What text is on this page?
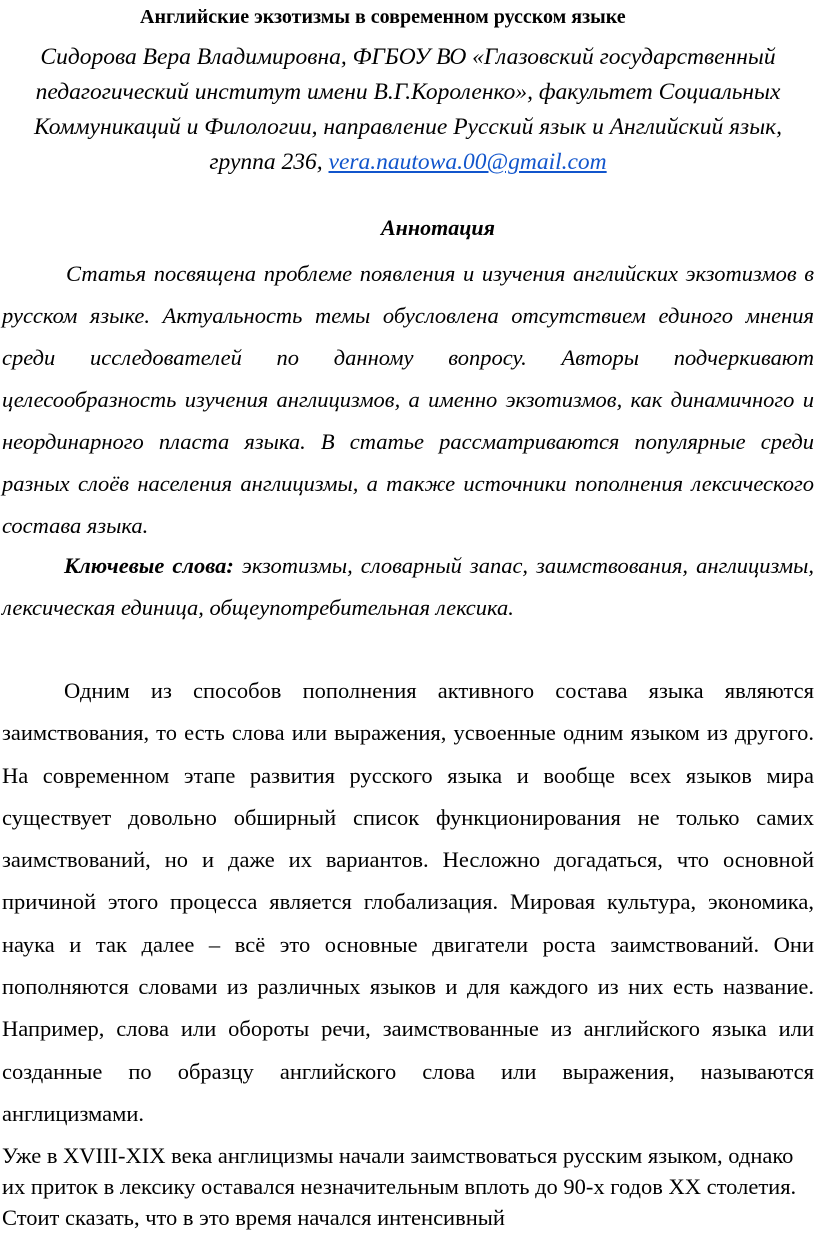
Английские экзотизмы в современном русском языке

Сидорова Вера Владимировна, ФГБОУ ВО «Глазовский государственный педагогический институт имени В.Г.Короленко», факультет Социальных Коммуникаций и Филологии, направление Русский язык и Английский язык, группа 236, vera.nautowa.00@gmail.com

Аннотация

Статья посвящена проблеме появления и изучения английских экзотизмов в русском языке. Актуальность темы обусловлена отсутствием единого мнения среди исследователей по данному вопросу. Авторы подчеркивают целесообразность изучения англицизмов, а именно экзотизмов, как динамичного и неординарного пласта языка. В статье рассматриваются популярные среди разных слоёв населения англицизмы, а также источники пополнения лексического состава языка.

Ключевые слова: экзотизмы, словарный запас, заимствования, англицизмы, лексическая единица, общеупотребительная лексика.

Одним из способов пополнения активного состава языка являются заимствования, то есть слова или выражения, усвоенные одним языком из другого. На современном этапе развития русского языка и вообще всех языков мира существует довольно обширный список функционирования не только самих заимствований, но и даже их вариантов. Несложно догадаться, что основной причиной этого процесса является глобализация. Мировая культура, экономика, наука и так далее – всё это основные двигатели роста заимствований. Они пополняются словами из различных языков и для каждого из них есть название. Например, слова или обороты речи, заимствованные из английского языка или созданные по образцу английского слова или выражения, называются англицизмами.

Уже в XVIII-XIX века англицизмы начали заимствоваться русским языком, однако их приток в лексику оставался незначительным вплоть до 90-х годов XX столетия. Стоит сказать, что в это время начался интенсивный
